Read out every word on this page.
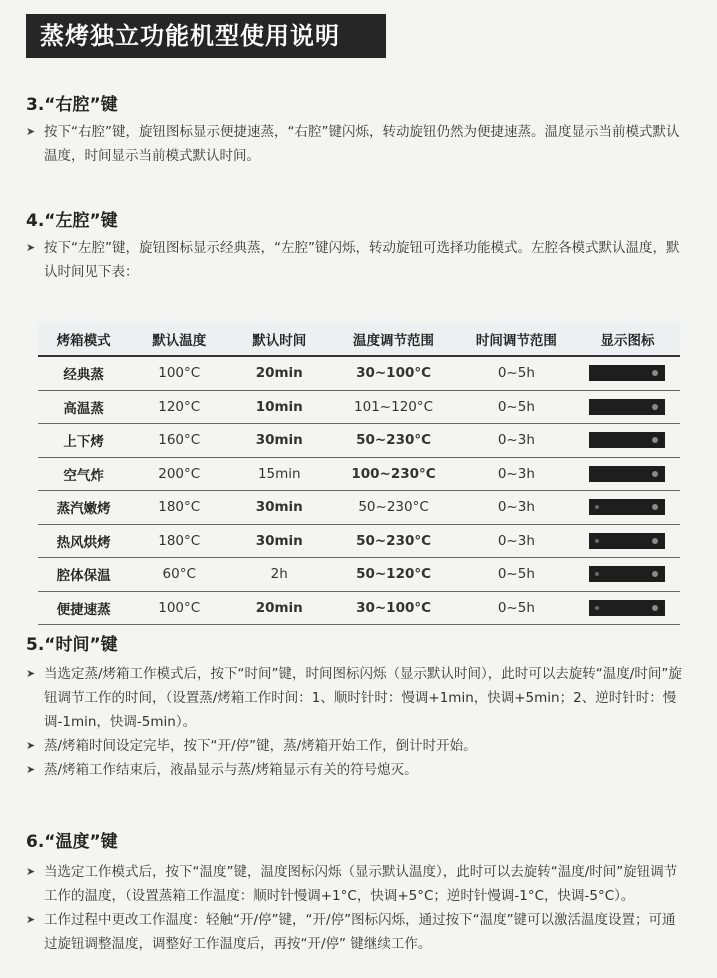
蒸烤独立功能机型使用说明
3.“右腔”键
➤ 按下“右腔”键，旋钮图标显示便捷速蒸，“右腔”键闪烁，转动旋钮仍然为便捷速蒸。温度显示当前模式默认温度，时间显示当前模式默认时间。
4.“左腔”键
➤ 按下“左腔”键，旋钮图标显示经典蒸，“左腔”键闪烁，转动旋钮可选择功能模式。左腔各模式默认温度，默认时间见下表：
烤箱模式	默认温度	默认时间	温度调节范围	时间调节范围	显示图标
经典蒸	100°C	20min	30~100°C	0~5h	

高温蒸	120°C	10min	101~120°C	0~5h	

上下烤	160°C	30min	50~230°C	0~3h	

空气炸	200°C	15min	100~230°C	0~3h	

蒸汽嫩烤	180°C	30min	50~230°C	0~3h	

热风烘烤	180°C	30min	50~230°C	0~3h	

腔体保温	60°C	2h	50~120°C	0~5h	

便捷速蒸	100°C	20min	30~100°C	0~5h	
5.“时间”键
➤ 当选定蒸/烤箱工作模式后，按下“时间”键，时间图标闪烁（显示默认时间），此时可以去旋转“温度/时间”旋钮调节工作的时间，（设置蒸/烤箱工作时间：1、顺时针时：慢调+1min，快调+5min；2、逆时针时：慢调-1min，快调-5min）。
➤ 蒸/烤箱时间设定完毕，按下“开/停”键，蒸/烤箱开始工作，倒计时开始。
➤ 蒸/烤箱工作结束后，液晶显示与蒸/烤箱显示有关的符号熄灭。
6.“温度”键
➤ 当选定工作模式后，按下“温度”键，温度图标闪烁（显示默认温度），此时可以去旋转“温度/时间”旋钮调节工作的温度，（设置蒸箱工作温度：顺时针慢调+1°C，快调+5°C；逆时针慢调-1°C，快调-5°C）。
➤ 工作过程中更改工作温度：轻触“开/停”键，“开/停”图标闪烁，通过按下“温度”键可以激活温度设置；可通过旋钮调整温度，调整好工作温度后，再按“开/停” 键继续工作。
